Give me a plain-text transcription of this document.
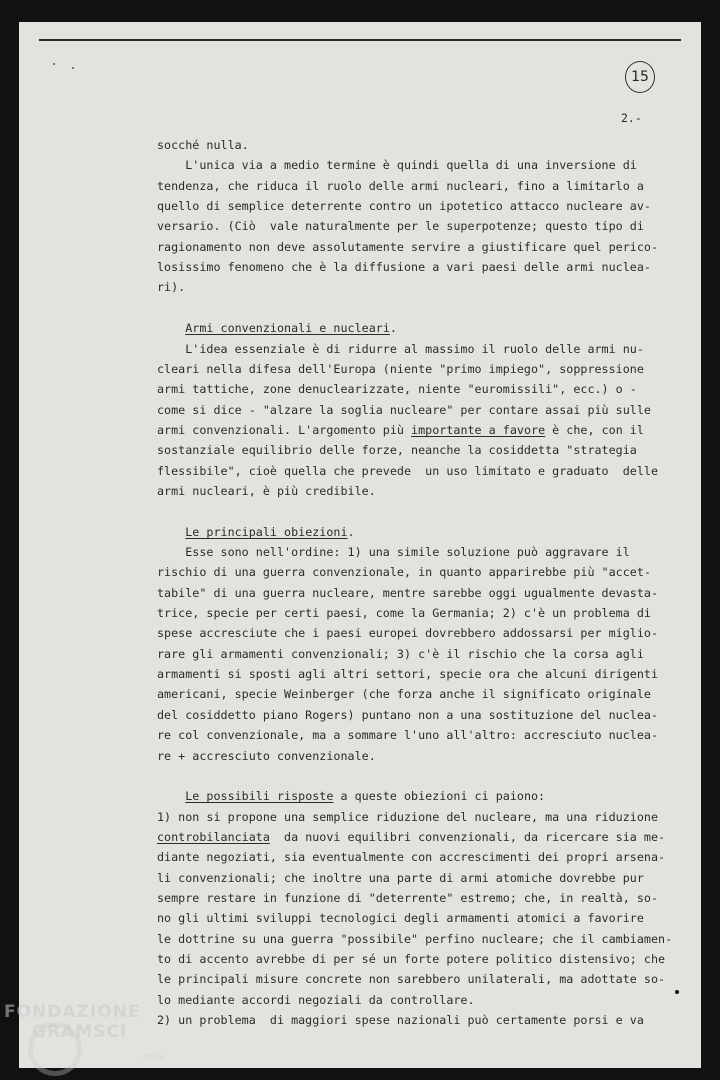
15
2.-
socché nulla.
L'unica via a medio termine è quindi quella di una inversione di
tendenza, che riduca il ruolo delle armi nucleari, fino a limitarlo a
quello di semplice deterrente contro un ipotetico attacco nucleare av-
versario. (Ciò  vale naturalmente per le superpotenze; questo tipo di
ragionamento non deve assolutamente servire a giustificare quel perico-
losissimo fenomeno che è la diffusione a vari paesi delle armi nuclea-
ri).
Armi convenzionali e nucleari.
L'idea essenziale è di ridurre al massimo il ruolo delle armi nu-
cleari nella difesa dell'Europa (niente "primo impiego", soppressione
armi tattiche, zone denuclearizzate, niente "euromissili", ecc.) o -
come si dice - "alzare la soglia nucleare" per contare assai più sulle
armi convenzionali. L'argomento più importante a favore è che, con il
sostanziale equilibrio delle forze, neanche la cosiddetta "strategia
flessibile", cioè quella che prevede  un uso limitato e graduato  delle
armi nucleari, è più credibile.
Le principali obiezioni.
Esse sono nell'ordine: 1) una simile soluzione può aggravare il
rischio di una guerra convenzionale, in quanto apparirebbe più "accet-
tabile" di una guerra nucleare, mentre sarebbe oggi ugualmente devasta-
trice, specie per certi paesi, come la Germania; 2) c'è un problema di
spese accresciute che i paesi europei dovrebbero addossarsi per miglio-
rare gli armamenti convenzionali; 3) c'è il rischio che la corsa agli
armamenti si sposti agli altri settori, specie ora che alcuni dirigenti
americani, specie Weinberger (che forza anche il significato originale
del cosiddetto piano Rogers) puntano non a una sostituzione del nuclea-
re col convenzionale, ma a sommare l'uno all'altro: accresciuto nuclea-
re + accresciuto convenzionale.
Le possibili risposte a queste obiezioni ci paiono:
1) non si propone una semplice riduzione del nucleare, ma una riduzione
controbilanciata  da nuovi equilibri convenzionali, da ricercare sia me-
diante negoziati, sia eventualmente con accrescimenti dei propri arsena-
li convenzionali; che inoltre una parte di armi atomiche dovrebbe pur
sempre restare in funzione di "deterrente" estremo; che, in realtà, so-
no gli ultimi sviluppi tecnologici degli armamenti atomici a favorire
le dottrine su una guerra "possibile" perfino nucleare; che il cambiamen-
to di accento avrebbe di per sé un forte potere politico distensivo; che
le principali misure concrete non sarebbero unilaterali, ma adottate so-
lo mediante accordi negoziali da controllare.
2) un problema  di maggiori spese nazionali può certamente porsi e va
FONDAZIONE
GRAMSCI
onlus
